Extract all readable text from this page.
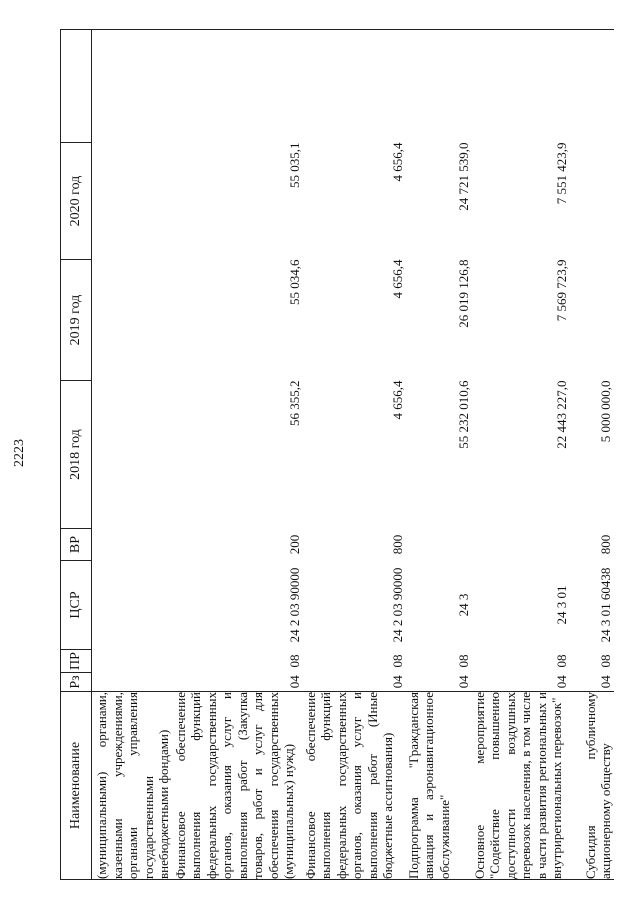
2223
Наименование	Рз	ПР	ЦСР	ВР	2018 год	2019 год	2020 год	
(муниципальными) органами, казенными учреждениями, органами управления государственными внебюджетными фондами)								
Финансовое обеспечение выполнения функций федеральных государственных органов, оказания услуг и выполнения работ (Закупка товаров, работ и услуг для обеспечения государственных (муниципальных) нужд)	04	08	24 2 03 90000	200	56 355,2	55 034,6	55 035,1	
Финансовое обеспечение выполнения функций федеральных государственных органов, оказания услуг и выполнения работ (Иные бюджетные ассигнования)	04	08	24 2 03 90000	800	4 656,4	4 656,4	4 656,4	
Подпрограмма "Гражданская авиация и аэронавигационное обслуживание"	04	08	24 3		55 232 010,6	26 019 126,8	24 721 539,0	
Основное мероприятие "Содействие повышению доступности воздушных перевозок населения, в том числе в части развития региональных и внутрирегиональных перевозок"	04	08	24 3 01		22 443 227,0	7 569 723,9	7 551 423,9	
Субсидия публичному акционерному обществу	04	08	24 3 01 60438	800	5 000 000,0			
